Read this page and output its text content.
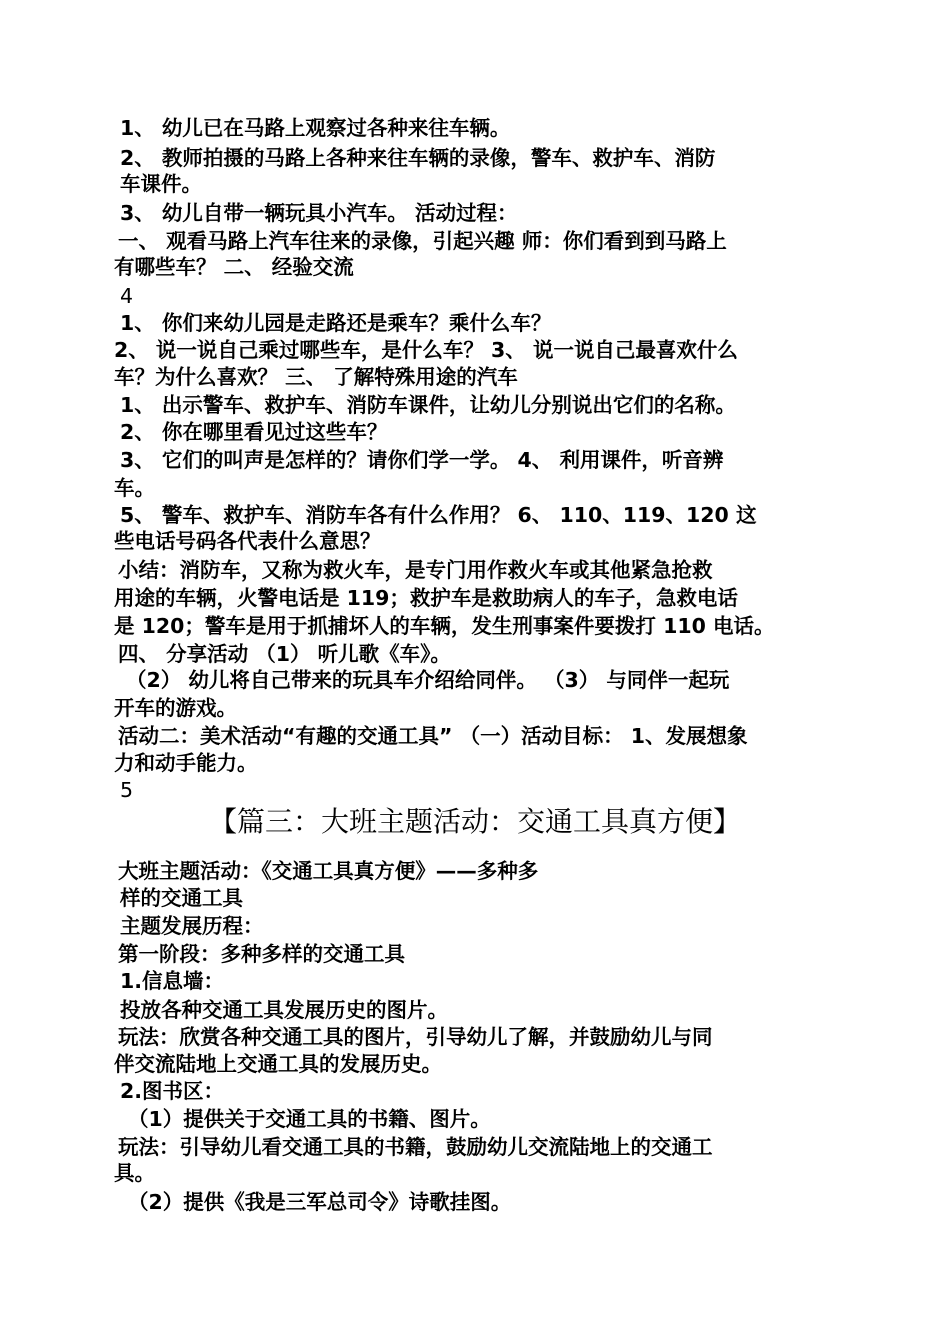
1、 幼儿已在马路上观察过各种来往车辆。
2、 教师拍摄的马路上各种来往车辆的录像，警车、救护车、消防
车课件。
3、 幼儿自带一辆玩具小汽车。 活动过程：
一、 观看马路上汽车往来的录像，引起兴趣 师：你们看到到马路上
有哪些车？ 二、 经验交流
4
1、 你们来幼儿园是走路还是乘车？乘什么车？
2、 说一说自己乘过哪些车，是什么车？ 3、 说一说自己最喜欢什么
车？为什么喜欢？ 三、 了解特殊用途的汽车
1、 出示警车、救护车、消防车课件，让幼儿分别说出它们的名称。
2、 你在哪里看见过这些车？
3、 它们的叫声是怎样的？请你们学一学。 4、 利用课件，听音辨
车。
5、 警车、救护车、消防车各有什么作用？ 6、 110、119、120 这
些电话号码各代表什么意思？
小结：消防车，又称为救火车，是专门用作救火车或其他紧急抢救
用途的车辆，火警电话是 119；救护车是救助病人的车子，急救电话
是 120；警车是用于抓捕坏人的车辆，发生刑事案件要拨打 110 电话。
四、 分享活动 （1） 听儿歌《车》。
（2） 幼儿将自己带来的玩具车介绍给同伴。 （3） 与同伴一起玩
开车的游戏。
活动二：美术活动“有趣的交通工具” （一）活动目标： 1、发展想象
力和动手能力。
5
【篇三：大班主题活动：交通工具真方便】
大班主题活动：《交通工具真方便》——多种多
样的交通工具
主题发展历程：
第一阶段：多种多样的交通工具
1.信息墙：
投放各种交通工具发展历史的图片。
玩法：欣赏各种交通工具的图片，引导幼儿了解，并鼓励幼儿与同
伴交流陆地上交通工具的发展历史。
2.图书区：
（1）提供关于交通工具的书籍、图片。
玩法：引导幼儿看交通工具的书籍，鼓励幼儿交流陆地上的交通工
具。
（2）提供《我是三军总司令》诗歌挂图。
